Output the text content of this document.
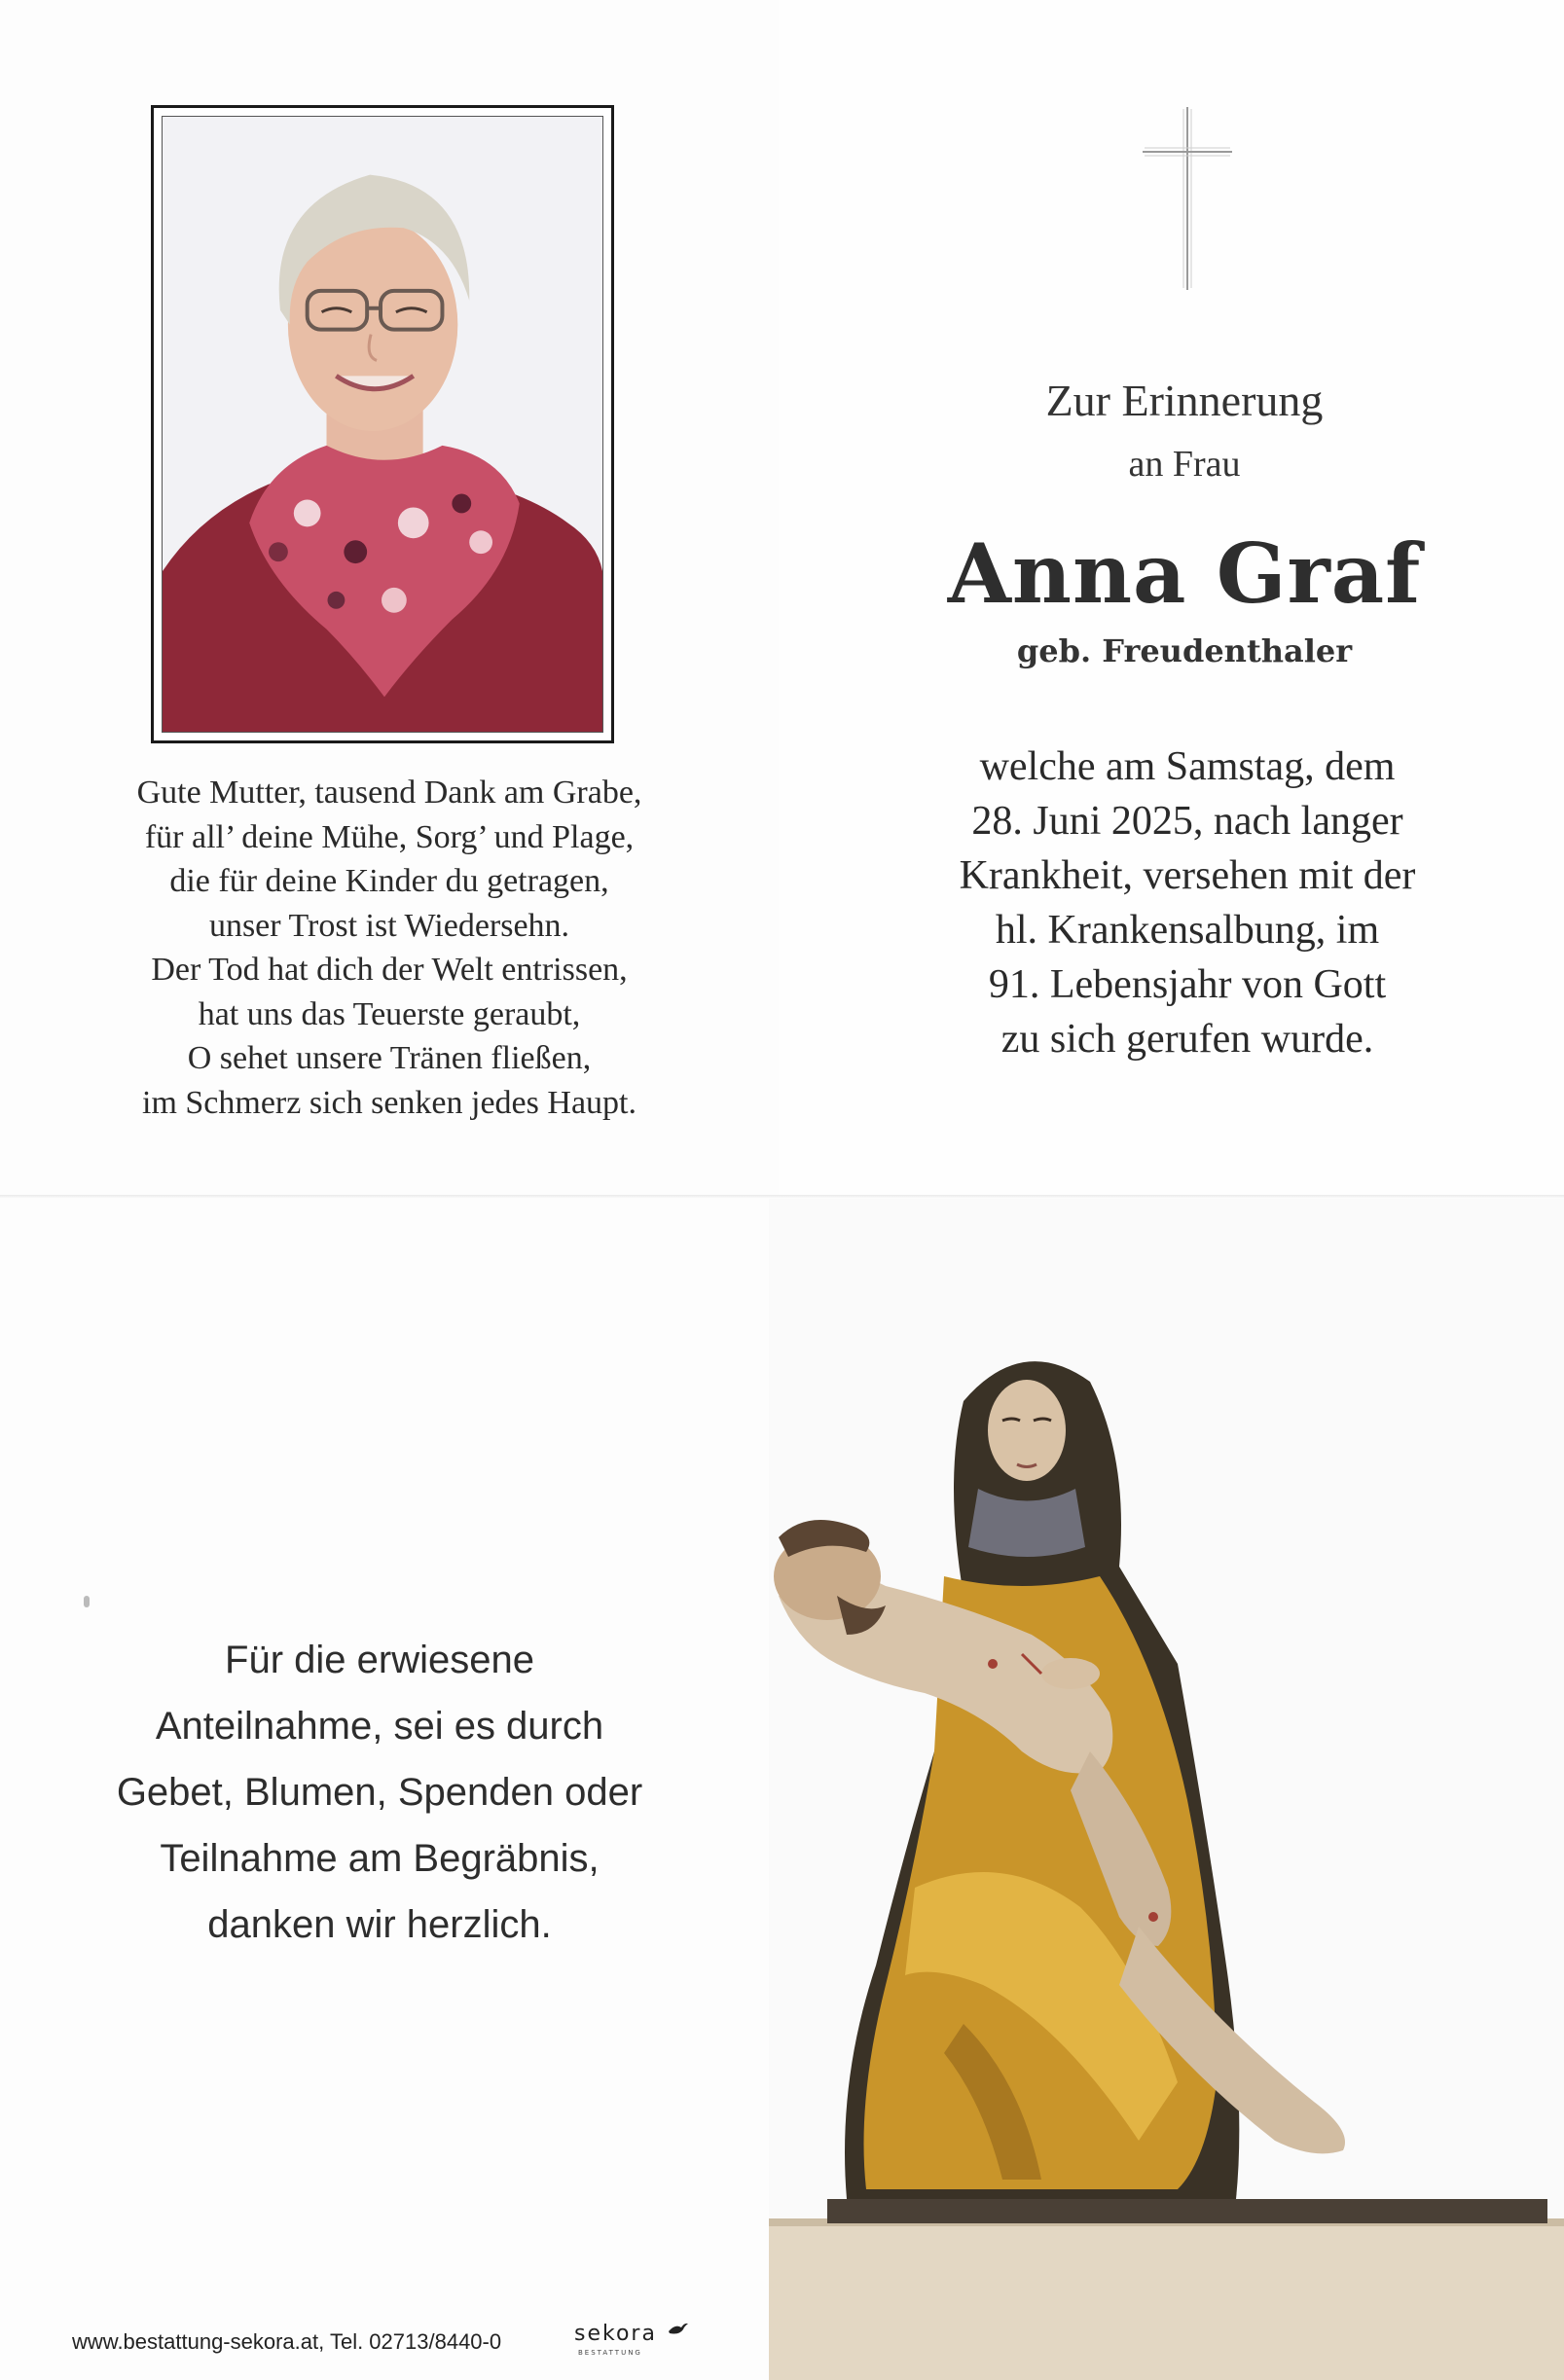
Gute Mutter, tausend Dank am Grabe,
für all’ deine Mühe, Sorg’ und Plage,
die für deine Kinder du getragen,
unser Trost ist Wiedersehn.
Der Tod hat dich der Welt entrissen,
hat uns das Teuerste geraubt,
O sehet unsere Tränen fließen,
im Schmerz sich senken jedes Haupt.
Zur Erinnerung
an Frau
Anna Graf
geb. Freudenthaler
welche am Samstag, dem
28. Juni 2025, nach langer
Krankheit, versehen mit der
hl. Krankensalbung, im
91. Lebensjahr von Gott
zu sich gerufen wurde.
Für die erwiesene
Anteilnahme, sei es durch
Gebet, Blumen, Spenden oder
Teilnahme am Begräbnis,
danken wir herzlich.
www.bestattung-sekora.at, Tel. 02713/8440-0	sekora
BESTATTUNG
